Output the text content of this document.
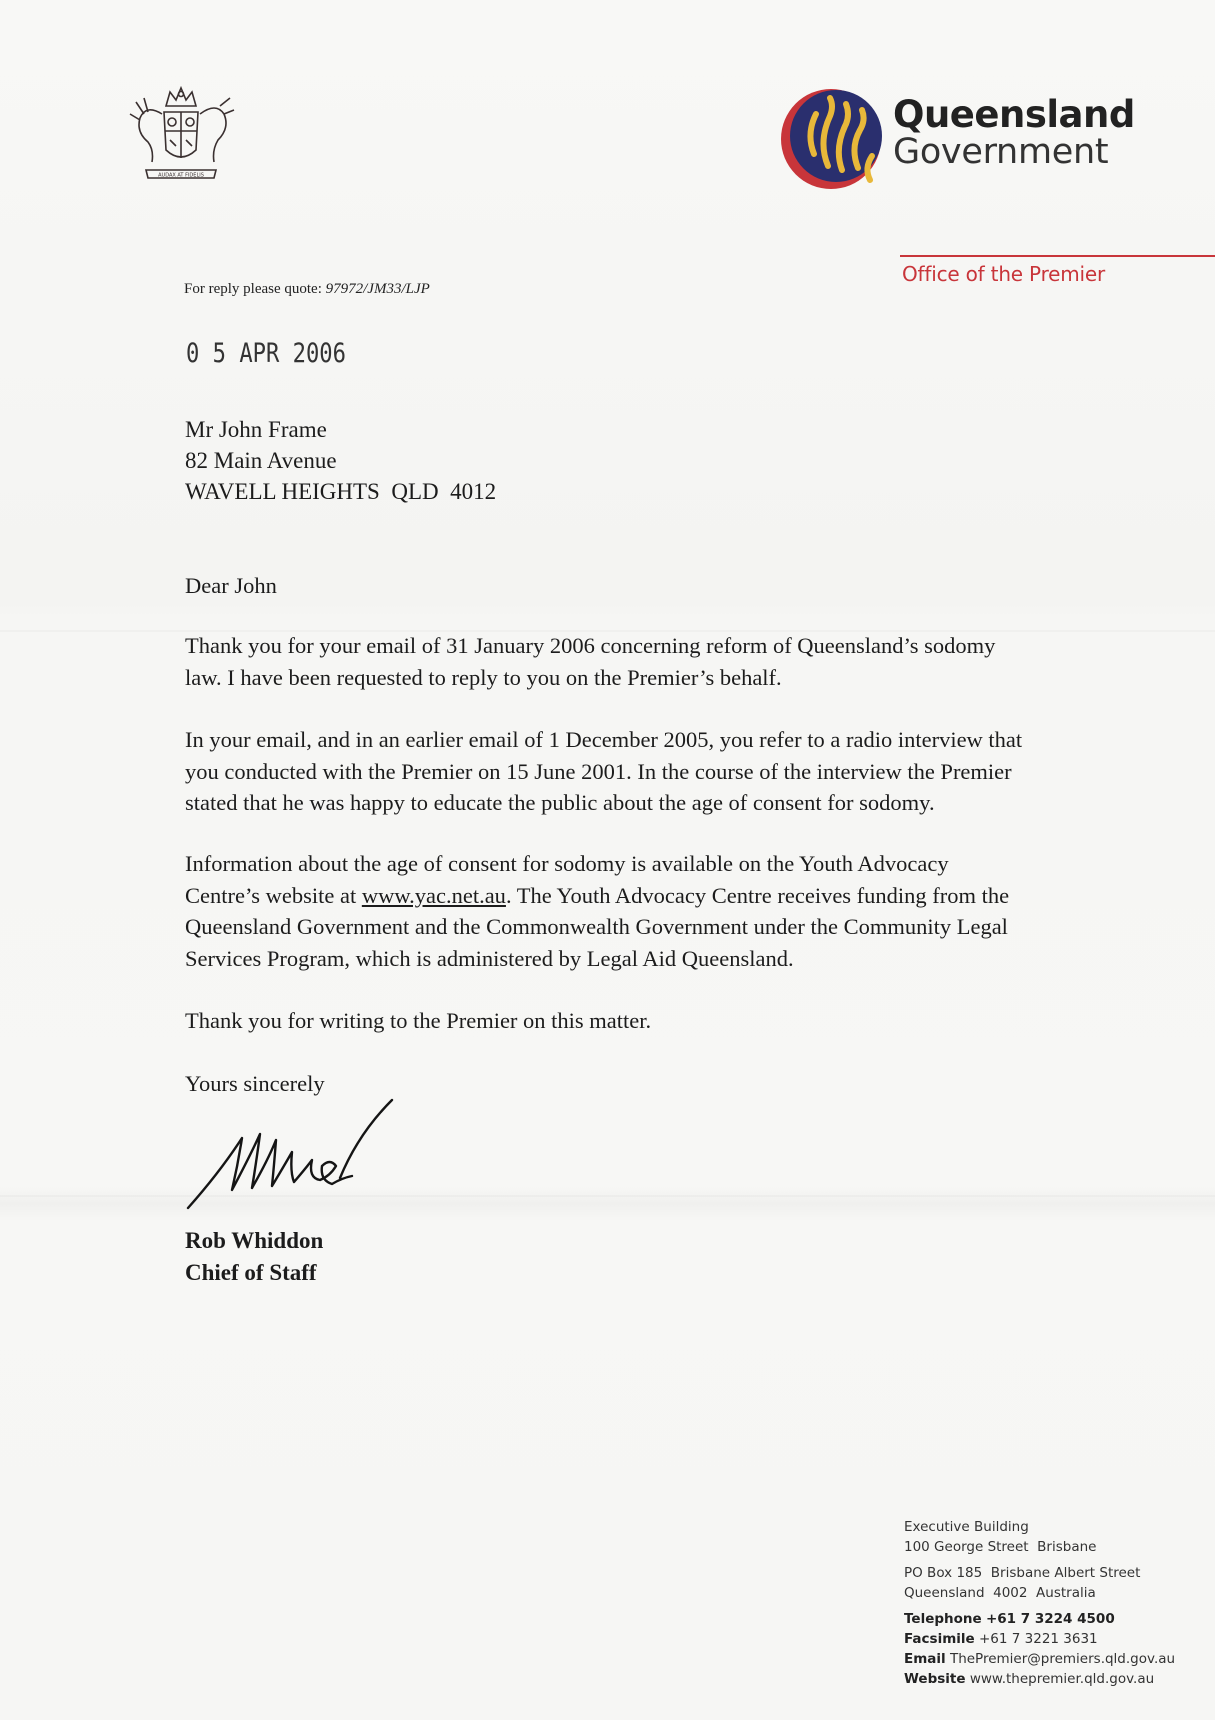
AUDAX AT FIDELIS
Queensland
Government
Office of the Premier
For reply please quote: 97972/JM33/LJP
0 5 APR 2006
Mr John Frame
82 Main Avenue
WAVELL HEIGHTS  QLD  4012
Dear John
Thank you for your email of 31 January 2006 concerning reform of Queensland’s sodomy
law. I have been requested to reply to you on the Premier’s behalf.
In your email, and in an earlier email of 1 December 2005, you refer to a radio interview that
you conducted with the Premier on 15 June 2001. In the course of the interview the Premier
stated that he was happy to educate the public about the age of consent for sodomy.
Information about the age of consent for sodomy is available on the Youth Advocacy
Centre’s website at www.yac.net.au. The Youth Advocacy Centre receives funding from the
Queensland Government and the Commonwealth Government under the Community Legal
Services Program, which is administered by Legal Aid Queensland.
Thank you for writing to the Premier on this matter.
Yours sincerely
Rob Whiddon
Chief of Staff
Executive Building
100 George Street  Brisbane
PO Box 185  Brisbane Albert Street
Queensland  4002  Australia
Telephone +61 7 3224 4500
Facsimile +61 7 3221 3631
Email ThePremier@premiers.qld.gov.au
Website www.thepremier.qld.gov.au
